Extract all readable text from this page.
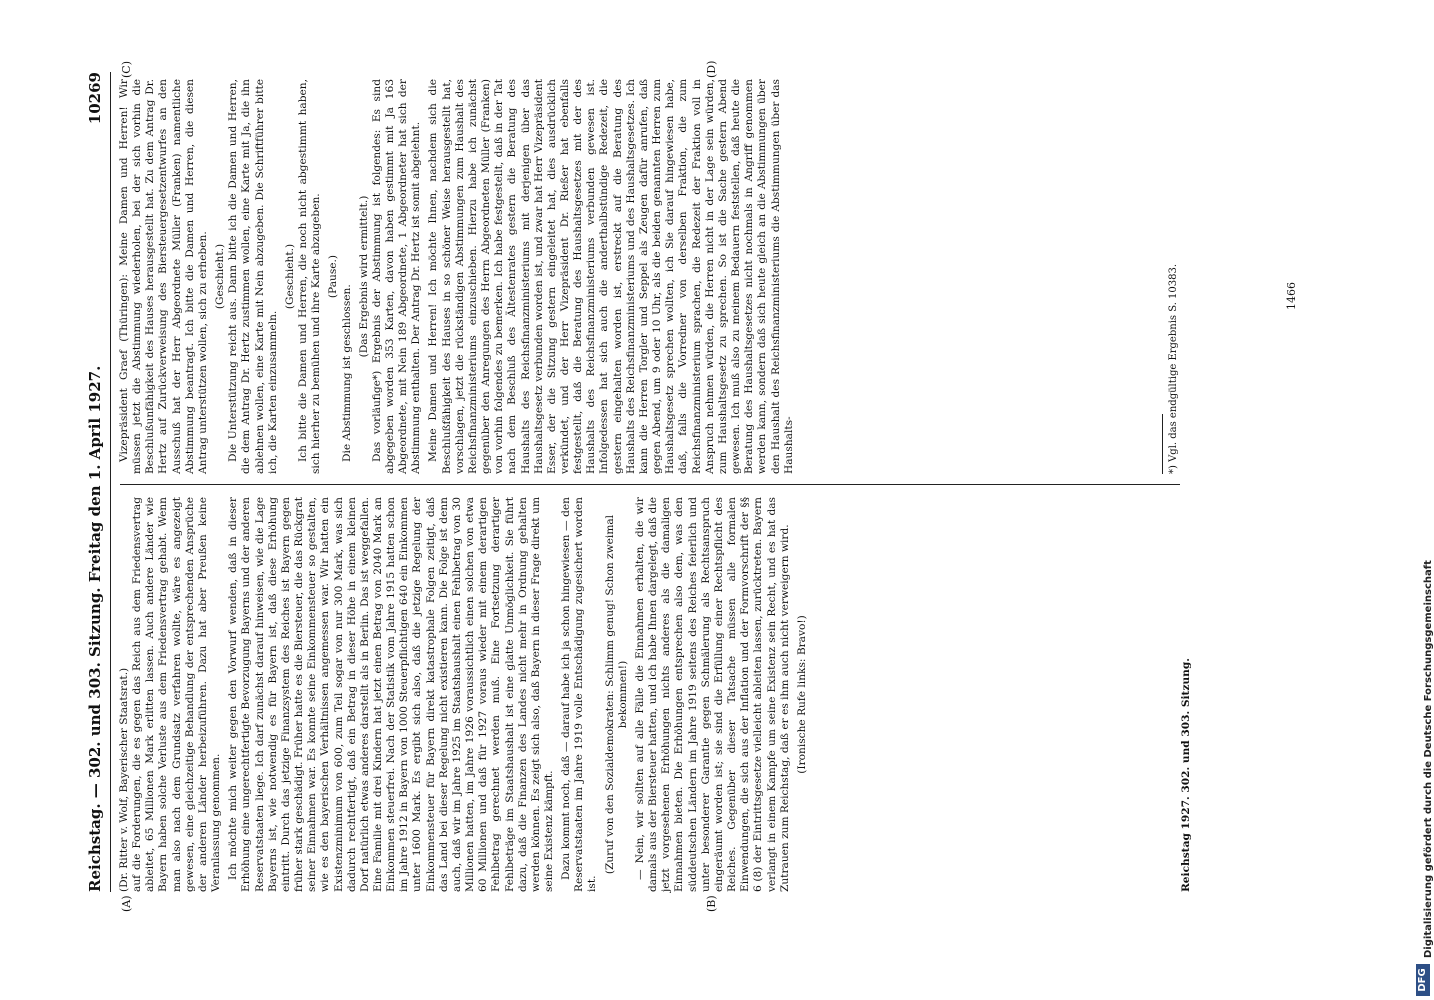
Reichstag. — 302. und 303. Sitzung. Freitag den 1. April 1927.
10269
(A)	(B)
(C)	(D)

(Dr. Ritter v. Wolf, Bayerischer Staatsrat.) auf die Forderungen, die es gegen das Reich aus dem Friedensvertrag ableitet, 65 Millionen Mark erlitten lassen. Auch andere Länder wie Bayern haben solche Verluste aus dem Friedensvertrag gehabt. Wenn man also nach dem Grundsatz verfahren wollte, wäre es angezeigt gewesen, eine gleichzeitige Behandlung der entsprechenden Ansprüche der anderen Länder herbeizuführen. Dazu hat aber Preußen keine Veranlassung genommen. Ich möchte mich weiter gegen den Vorwurf wenden, daß in dieser Erhöhung eine ungerechtfertigte Bevorzugung Bayerns und der anderen Reservatstaaten liege. Ich darf zunächst darauf hinweisen, wie die Lage Bayerns ist, wie notwendig es für Bayern ist, daß diese Erhöhung eintritt. Durch das jetzige Finanzsystem des Reiches ist Bayern gegen früher stark geschädigt. Früher hatte es die Biersteuer, die das Rückgrat seiner Einnahmen war. Es konnte seine Einkommensteuer so gestalten, wie es den bayerischen Verhältnissen angemessen war. Wir hatten ein Existenzminimum von 600, zum Teil sogar von nur 300 Mark, was sich dadurch rechtfertigt, daß ein Betrag in dieser Höhe in einem kleinen Dorf natürlich etwas anderes darstellt als in Berlin. Das ist weggefallen. Eine Familie mit drei Kindern hat jetzt einen Betrag von 2040 Mark an Einkommen steuerfrei. Nach der Statistik vom Jahre 1915 hatten schon im Jahre 1912 in Bayern von 1000 Steuerpflichtigen 640 ein Einkommen unter 1600 Mark. Es ergibt sich also, daß die jetzige Regelung der Einkommensteuer für Bayern direkt katastrophale Folgen zeitigt, daß das Land bei dieser Regelung nicht existieren kann. Die Folge ist denn auch, daß wir im Jahre 1925 im Staatshaushalt einen Fehlbetrag von 30 Millionen hatten, im Jahre 1926 voraussichtlich einen solchen von etwa 60 Millionen und daß für 1927 voraus wieder mit einem derartigen Fehlbetrag gerechnet werden muß. Eine Fortsetzung derartiger Fehlbeträge im Staatshaushalt ist eine glatte Unmöglichkeit. Sie führt dazu, daß die Finanzen des Landes nicht mehr in Ordnung gehalten werden können. Es zeigt sich also, daß Bayern in dieser Frage direkt um seine Existenz kämpft. Dazu kommt noch, daß — darauf habe ich ja schon hingewiesen — den Reservatstaaten im Jahre 1919 volle Entschädigung zugesichert worden ist.

(Zuruf von den Sozialdemokraten: Schlimm genug! Schon zweimal bekommen!) — Nein, wir sollten auf alle Fälle die Einnahmen erhalten, die wir damals aus der Biersteuer hatten, und ich habe Ihnen dargelegt, daß die jetzt vorgesehenen Erhöhungen nichts anderes als die damaligen Einnahmen bieten. Die Erhöhungen entsprechen also dem, was den süddeutschen Ländern im Jahre 1919 seitens des Reiches feierlich und unter besonderer Garantie gegen Schmälerung als Rechtsanspruch eingeräumt worden ist; sie sind die Erfüllung einer Rechtspflicht des Reiches. Gegenüber dieser Tatsache müssen alle formalen Einwendungen, die sich aus der Inflation und der Formvorschrift der §§ 6 (8) der Eintrittsgesetze vielleicht ableiten lassen, zurücktreten. Bayern verlangt in einem Kampfe um seine Existenz sein Recht, und es hat das Zutrauen zum Reichstag, daß er es ihm auch nicht verweigern wird. (Ironische Rufe links: Bravo!)

Vizepräsident Graef (Thüringen): Meine Damen und Herren! Wir müssen jetzt die Abstimmung wiederholen, bei der sich vorhin die Beschlußunfähigkeit des Hauses herausgestellt hat. Zu dem Antrag Dr. Hertz auf Zurückverweisung des Biersteuergesetzentwurfes an den Ausschuß hat der Herr Abgeordnete Müller (Franken) namentliche Abstimmung beantragt. Ich bitte die Damen und Herren, die diesen Antrag unterstützen wollen, sich zu erheben. (Geschieht.) Die Unterstützung reicht aus. Dann bitte ich die Damen und Herren, die dem Antrag Dr. Hertz zustimmen wollen, eine Karte mit Ja, die ihn ablehnen wollen, eine Karte mit Nein abzugeben. Die Schriftführer bitte ich, die Karten einzusammeln.

(Geschieht.) Ich bitte die Damen und Herren, die noch nicht abgestimmt haben, sich hierher zu bemühen und ihre Karte abzugeben. (Pause.)

Die Abstimmung ist geschlossen.

(Das Ergebnis wird ermittelt.) Das vorläufige*) Ergebnis der Abstimmung ist folgendes: Es sind abgegeben worden 353 Karten, davon haben gestimmt mit Ja 163 Abgeordnete, mit Nein 189 Abgeordnete, 1 Abgeordneter hat sich der Abstimmung enthalten. Der Antrag Dr. Hertz ist somit abgelehnt. Meine Damen und Herren! Ich möchte Ihnen, nachdem sich die Beschlußfähigkeit des Hauses in so schöner Weise herausgestellt hat, vorschlagen, jetzt die rückständigen Abstimmungen zum Haushalt des Reichsfinanzministeriums einzuschieben. Hierzu habe ich zunächst gegenüber den Anregungen des Herrn Abgeordneten Müller (Franken) von vorhin folgendes zu bemerken. Ich habe festgestellt, daß in der Tat nach dem Beschluß des Ältestenrates gestern die Beratung des Haushalts des Reichsfinanzministeriums mit derjenigen über das Haushaltsgesetz verbunden worden ist, und zwar hat Herr Vizepräsident Esser, der die Sitzung gestern eingeleitet hat, dies ausdrücklich verkündet, und der Herr Vizepräsident Dr. Rießer hat ebenfalls festgestellt, daß die Beratung des Haushaltsgesetzes mit der des Haushalts des Reichsfinanzministeriums verbunden gewesen ist. Infolgedessen hat sich auch die anderthalbstündige Redezeit, die gestern eingehalten worden ist, erstreckt auf die Beratung des Haushalts des Reichsfinanzministeriums und des Haushaltsgesetzes. Ich kann die Herren Torgler und Seppel als Zeugen dafür anrufen, daß gegen Abend, um 9 oder 10 Uhr, als die beiden genannten Herren zum Haushaltsgesetz sprechen wollten, ich Sie darauf hingewiesen habe, daß, falls die Vorredner von derselben Fraktion, die zum Reichsfinanzministerium sprachen, die Redezeit der Fraktion voll in Anspruch nehmen würden, die Herren nicht in der Lage sein würden, zum Haushaltsgesetz zu sprechen. So ist die Sache gestern Abend gewesen. Ich muß also zu meinem Bedauern feststellen, daß heute die Beratung des Haushaltsgesetzes nicht nochmals in Angriff genommen werden kann, sondern daß sich heute gleich an die Abstimmungen über den Haushalt des Reichsfinanzministeriums die Abstimmungen über das Haushalts-

Reichstag 1927. 302. und 303. Sitzung.
*) Vgl. das endgültige Ergebnis S. 10383.	1466
DFG
Digitalisierung gefördert durch die Deutsche Forschungsgemeinschaft
